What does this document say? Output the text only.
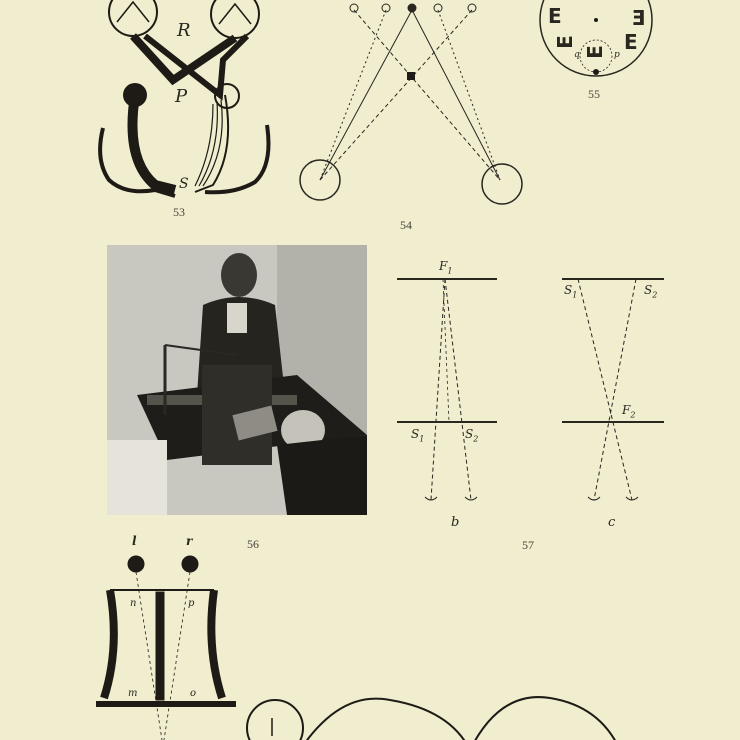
R
P
S
53
54
E	E
E E
E
q	p
55
56
$F_1$
$S_1$	$S_2$
b
$S_1$	$S_2$
$F_2$
c
57
l	r
n	p
m	o
